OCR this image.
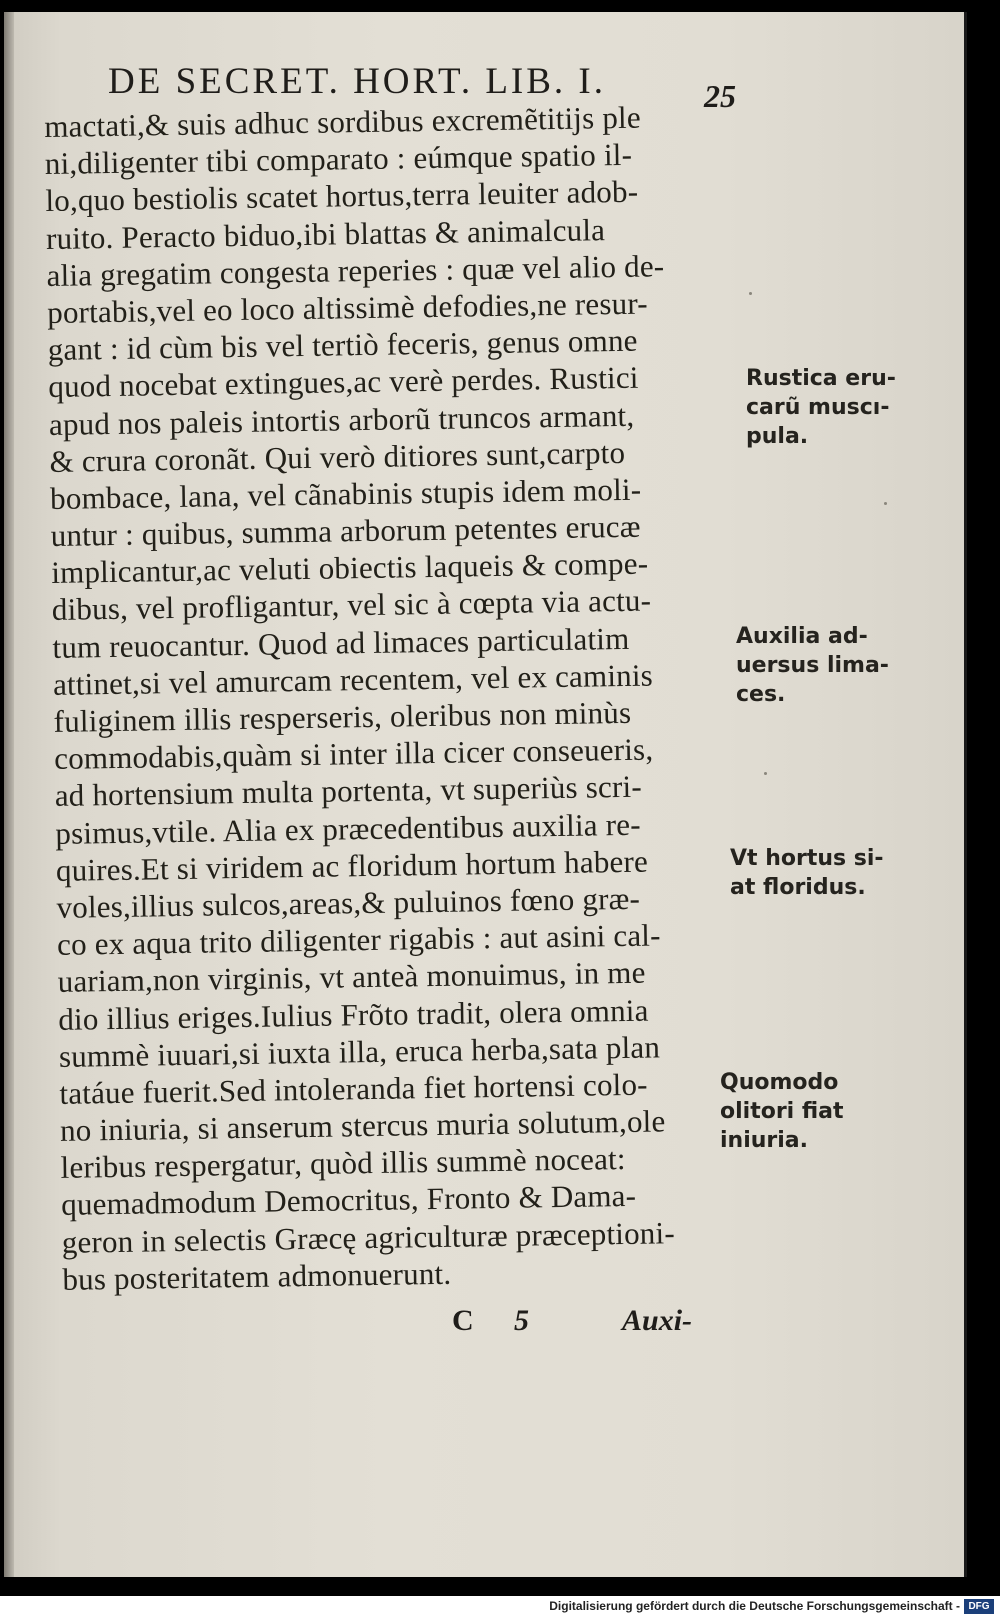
DE SECRET. HORT. LIB. I.	25
mactati,& suis adhuc sordibus excremẽtitijs ple
ni,diligenter tibi comparato : eúmque spatio il-
lo,quo bestiolis scatet hortus,terra leuiter adob-
ruito. Peracto biduo,ibi blattas & animalcula
alia gregatim congesta reperies : quæ vel alio de-
portabis,vel eo loco altissimè defodies,ne resur-
gant : id cùm bis vel tertiò feceris, genus omne
quod nocebat extingues,ac verè perdes. Rustici
apud nos paleis intortis arborũ truncos armant,
& crura coronãt. Qui verò ditiores sunt,carpto
bombace, lana, vel cãnabinis stupis idem moli-
untur : quibus, summa arborum petentes erucæ
implicantur,ac veluti obiectis laqueis & compe-
dibus, vel profligantur, vel sic à cœpta via actu-
tum reuocantur. Quod ad limaces particulatim
attinet,si vel amurcam recentem, vel ex caminis
fuliginem illis resperseris, oleribus non minùs
commodabis,quàm si inter illa cicer conseueris,
ad hortensium multa portenta, vt superiùs scri-
psimus,vtile. Alia ex præcedentibus auxilia re-
quires.Et si viridem ac floridum hortum habere
voles,illius sulcos,areas,& puluinos fœno græ-
co ex aqua trito diligenter rigabis : aut asini cal-
uariam,non virginis, vt anteà monuimus, in me
dio illius eriges.Iulius Frõto tradit, olera omnia
summè iuuari,si iuxta illa, eruca herba,sata plan
tatáue fuerit.Sed intoleranda fiet hortensi colo-
no iniuria, si anserum stercus muria solutum,ole
leribus respergatur, quòd illis summè noceat:
quemadmodum Democritus, Fronto & Dama-
geron in selectis Græcę agriculturæ præceptioni-
bus posteritatem admonuerunt.
Rustica eru-
carũ muscı-
pula.
Auxilia ad-
uersus lima-
ces.
Vt hortus si-
at floridus.
Quomodo
olitori fiat
iniuria.
C 5	Auxi-
Digitalisierung gefördert durch die Deutsche Forschungsgemeinschaft - DFG
